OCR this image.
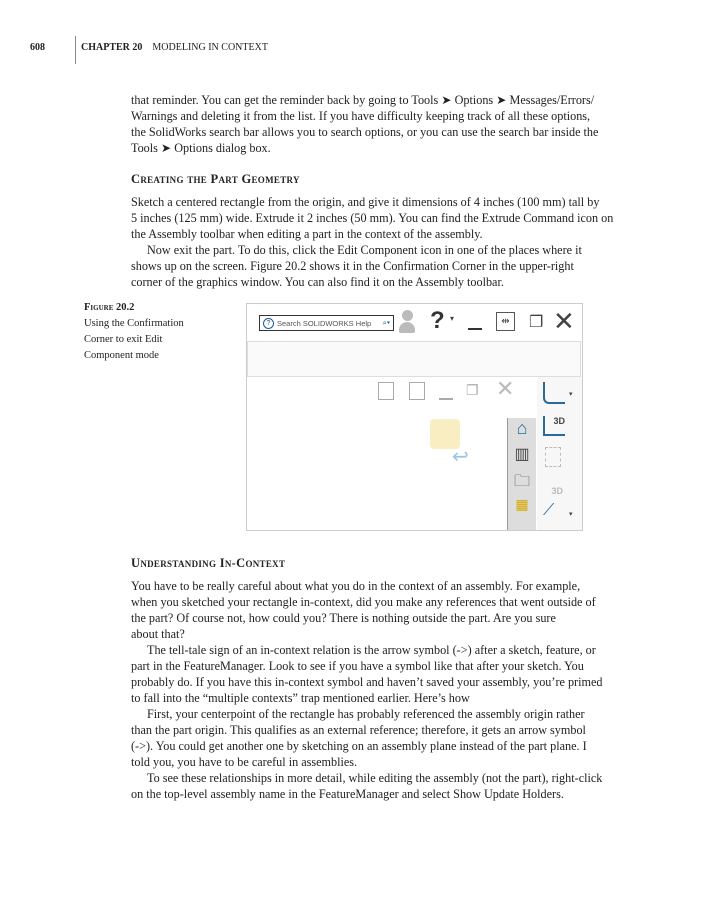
608	CHAPTER 20 MODELING IN CONTEXT
that reminder. You can get the reminder back by going to Tools ➤ Options ➤ Messages/Errors/
Warnings and deleting it from the list. If you have difficulty keeping track of all these options,
the SolidWorks search bar allows you to search options, or you can use the search bar inside the
Tools ➤ Options dialog box.
Creating the Part Geometry
Sketch a centered rectangle from the origin, and give it dimensions of 4 inches (100 mm) tall by
5 inches (125 mm) wide. Extrude it 2 inches (50 mm). You can find the Extrude Command icon on
the Assembly toolbar when editing a part in the context of the assembly.
Now exit the part. To do this, click the Edit Component icon in one of the places where it
shows up on the screen. Figure 20.2 shows it in the Confirmation Corner in the upper-right
corner of the graphics window. You can also find it on the Assembly toolbar.
Figure 20.2
Using the Confirmation
Corner to exit Edit
Component mode
? Search SOLIDWORKS Help ⌕▾ ? ▾	⇹	❐ ✕
❐ ✕
↩
⌂
▥
🗀
▦
▾
3D
3D
⟋ ▾
Understanding In-Context
You have to be really careful about what you do in the context of an assembly. For example,
when you sketched your rectangle in-context, did you make any references that went outside of
the part? Of course not, how could you? There is nothing outside the part. Are you sure
about that?
The tell-tale sign of an in-context relation is the arrow symbol (->) after a sketch, feature, or
part in the FeatureManager. Look to see if you have a symbol like that after your sketch. You
probably do. If you have this in-context symbol and haven’t saved your assembly, you’re primed
to fall into the “multiple contexts” trap mentioned earlier. Here’s how
First, your centerpoint of the rectangle has probably referenced the assembly origin rather
than the part origin. This qualifies as an external reference; therefore, it gets an arrow symbol
(->). You could get another one by sketching on an assembly plane instead of the part plane. I
told you, you have to be careful in assemblies.
To see these relationships in more detail, while editing the assembly (not the part), right-click
on the top-level assembly name in the FeatureManager and select Show Update Holders.
